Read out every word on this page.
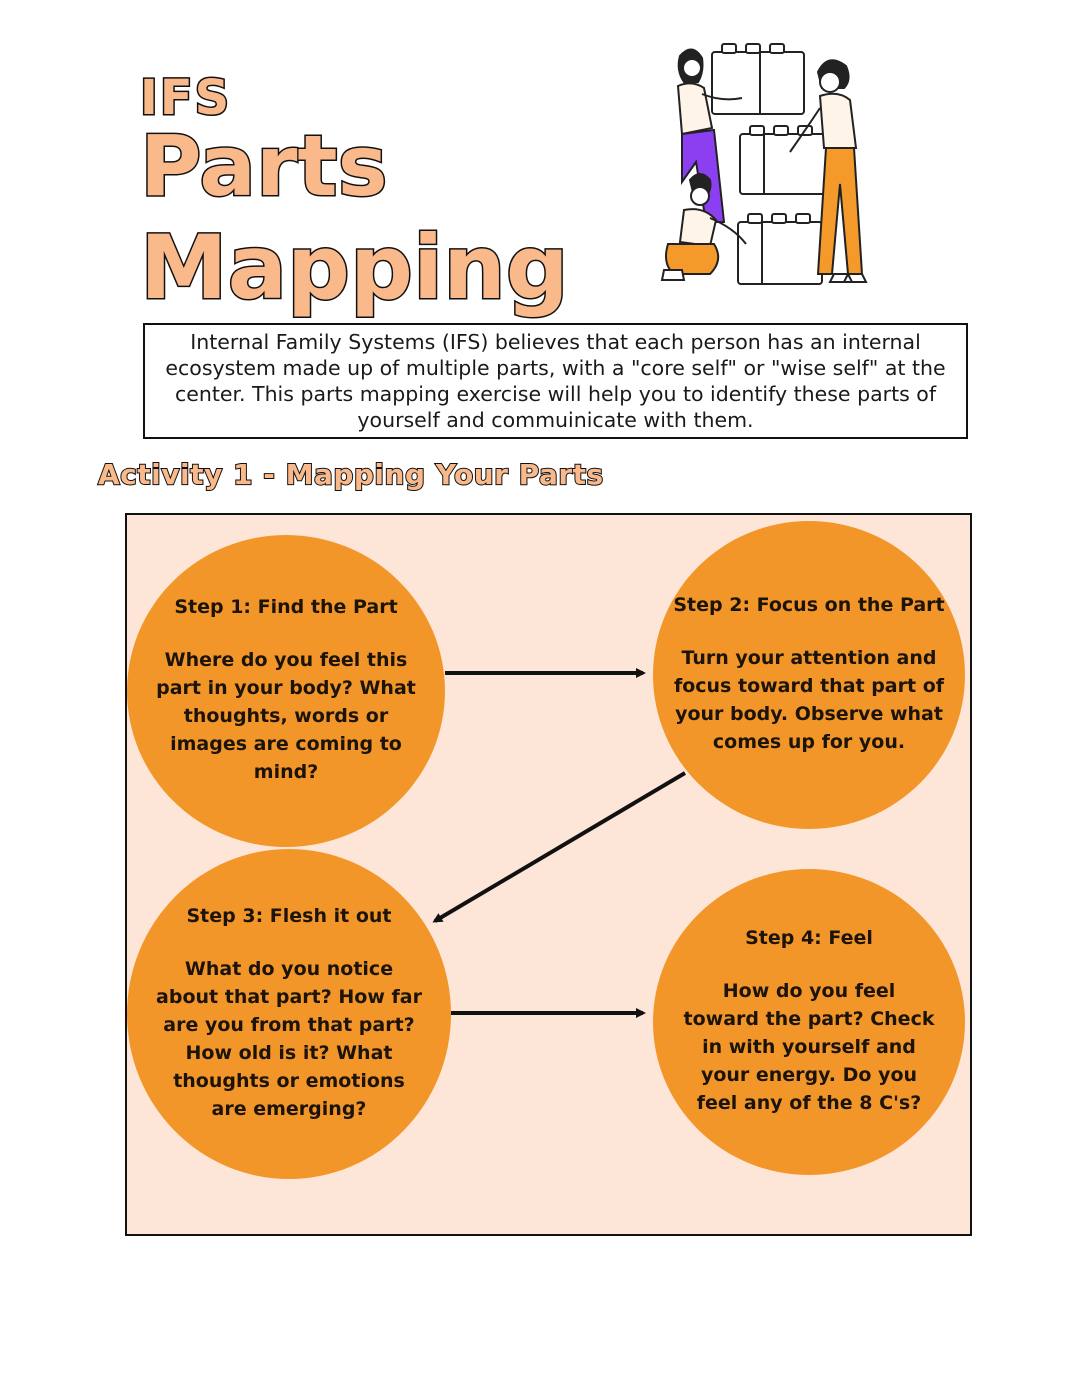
IFS
Parts
Mapping

Internal Family Systems (IFS) believes that each person has an internal ecosystem made up of multiple parts, with a "core self" or "wise self" at the center. This parts mapping exercise will help you to identify these parts of yourself and commuinicate with them.

Activity 1 - Mapping Your Parts

Step 1: Find the Part

Where do you feel this part in your body? What thoughts, words or images are coming to mind?

Step 2: Focus on the Part

Turn your attention and focus toward that part of your body. Observe what comes up for you.

Step 3: Flesh it out

What do you notice about that part? How far are you from that part? How old is it? What thoughts or emotions are emerging?

Step 4: Feel

How do you feel toward the part? Check in with yourself and your energy. Do you feel any of the 8 C's?
